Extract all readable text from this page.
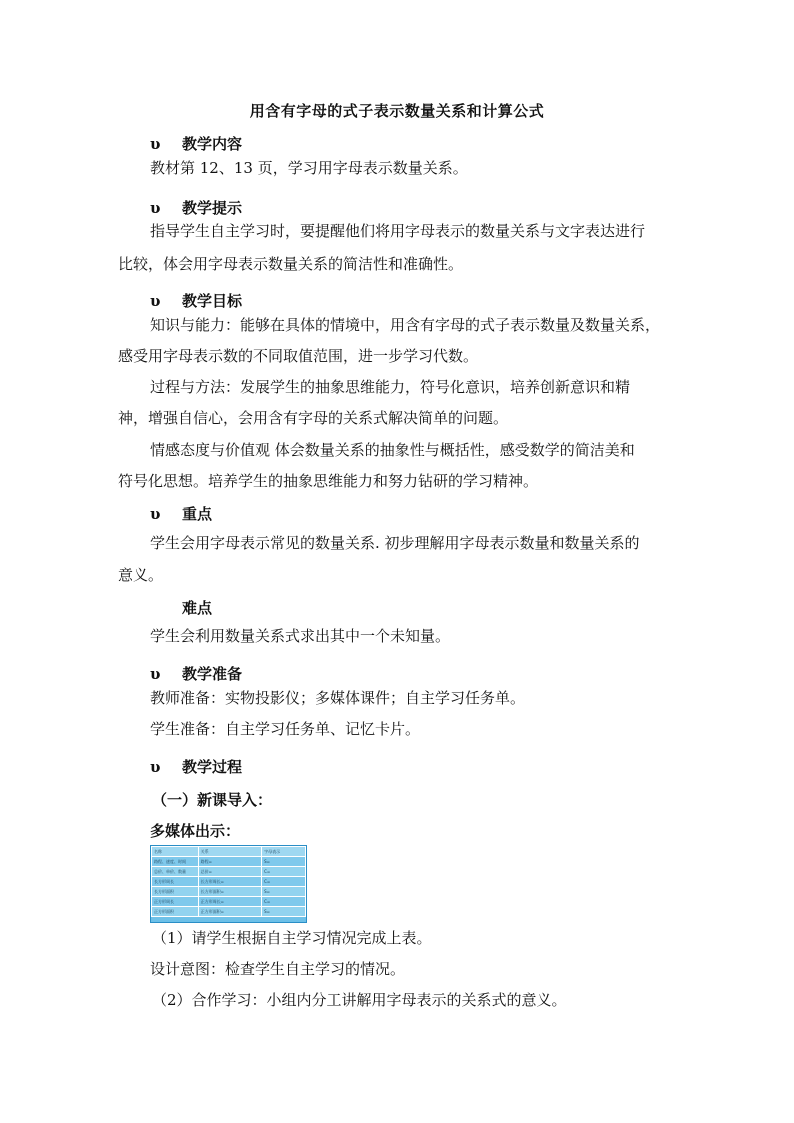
用含有字母的式子表示数量关系和计算公式
υ 教学内容
教材第 12、13 页，学习用字母表示数量关系。
υ 教学提示
指导学生自主学习时，要提醒他们将用字母表示的数量关系与文字表达进行
比较，体会用字母表示数量关系的简洁性和准确性。
υ 教学目标
知识与能力：能够在具体的情境中，用含有字母的式子表示数量及数量关系，
感受用字母表示数的不同取值范围，进一步学习代数。
过程与方法：发展学生的抽象思维能力，符号化意识，培养创新意识和精
神，增强自信心，会用含有字母的关系式解决简单的问题。
情感态度与价值观 体会数量关系的抽象性与概括性，感受数学的简洁美和
符号化思想。培养学生的抽象思维能力和努力钻研的学习精神。
υ 重点
学生会用字母表示常见的数量关系. 初步理解用字母表示数量和数量关系的
意义。
难点
学生会利用数量关系式求出其中一个未知量。
υ 教学准备
教师准备：实物投影仪；多媒体课件；自主学习任务单。
学生准备：自主学习任务单、记忆卡片。
υ 教学过程
（一）新课导入：
多媒体出示：
名称	关系	字母表示
路程、速度、时间	路程=	S=
总价、单价、数量	总价=	C=
长方形周长	长方形周长=	C=
长方形面积	长方形面积=	S=
正方形周长	正方形周长=	C=
正方形面积	正方形面积=	S=
（1）请学生根据自主学习情况完成上表。
设计意图：检查学生自主学习的情况。
（2）合作学习：小组内分工讲解用字母表示的关系式的意义。
